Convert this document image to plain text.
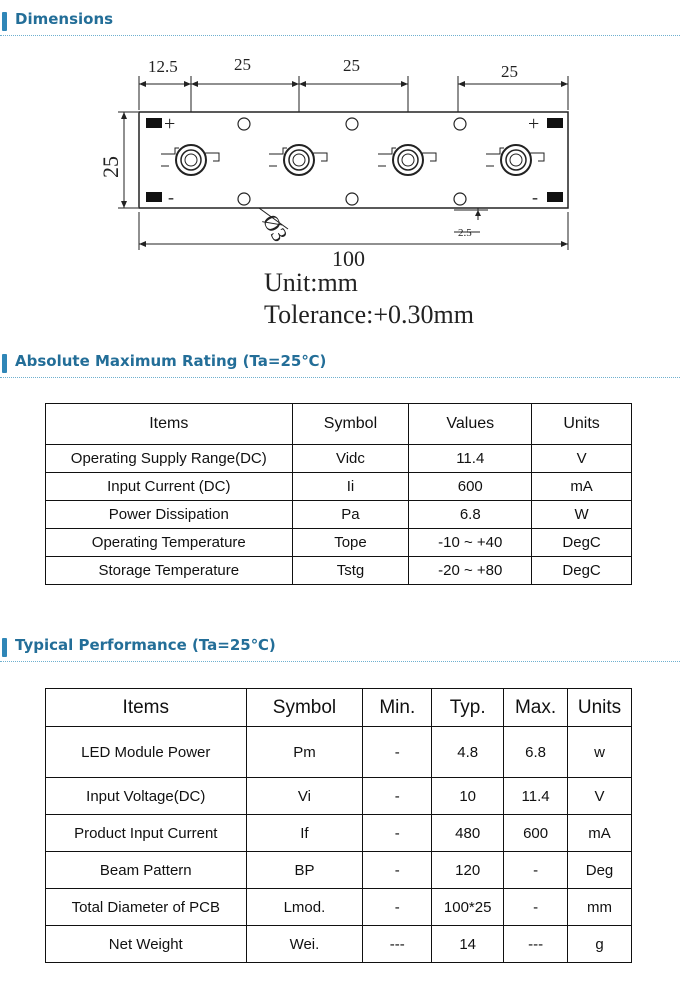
Dimensions
+
-
+
-
12.5	25	25	25
25
100
2.5
Ø3
Unit:mm
Tolerance:+0.30mm
Absolute Maximum Rating (Ta=25℃)
Items	Symbol	Values	Units
Operating Supply Range(DC)	Vidc	11.4	V
Input Current (DC)	Ii	600	mA
Power Dissipation	Pa	6.8	W
Operating Temperature	Tope	-10 ~ +40	DegC
Storage Temperature	Tstg	-20 ~ +80	DegC
Typical Performance (Ta=25℃)
Items	Symbol	Min.	Typ.	Max.	Units
LED Module Power	Pm	-	4.8	6.8	w
Input Voltage(DC)	Vi	-	10	11.4	V
Product Input Current	If	-	480	600	mA
Beam Pattern	BP	-	120	-	Deg
Total Diameter of PCB	Lmod.	-	100*25	-	mm
Net Weight	Wei.	---	14	---	g
